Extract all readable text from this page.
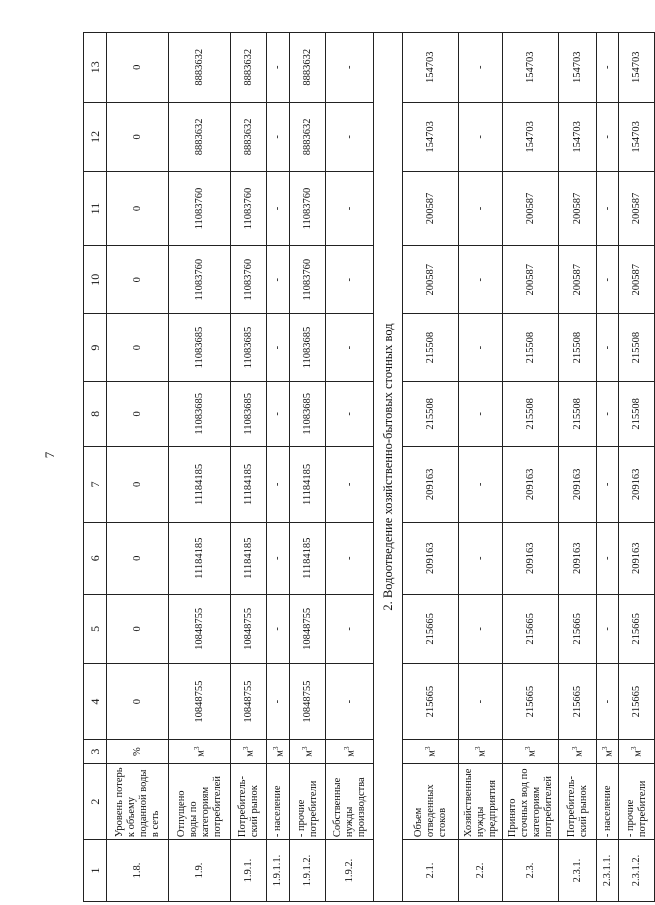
7
1	2	3	4	5	6	7	8	9	10	11	12	13
1.8.	Уровень потерь к объему поданной воды в сеть	%	0	0	0	0	0	0	0	0	0	0
1.9.	Отпущено воды по категориям потребителей	$м^3$	10848755	10848755	11184185	11184185	11083685	11083685	11083760	11083760	8883632	8883632
1.9.1.	Потребитель-ский рынок	$м^3$	10848755	10848755	11184185	11184185	11083685	11083685	11083760	11083760	8883632	8883632
1.9.1.1.	- население	$м^3$	-	-	-	-	-	-	-	-	-	-
1.9.1.2.	- прочие потребители	$м^3$	10848755	10848755	11184185	11184185	11083685	11083685	11083760	11083760	8883632	8883632
1.9.2.	Собственные нужды производства	$м^3$	-	-	-	-	-	-	-	-	-	-
2. Водоотведение хозяйственно-бытовых сточных вод												
2.1.	Объем отведенных стоков	$м^3$	215665	215665	209163	209163	215508	215508	200587	200587	154703	154703
2.2.	Хозяйственные нужды предприятия	$м^3$	-	-	-	-	-	-	-	-	-	-
2.3.	Принято сточных вод по категориям потребителей	$м^3$	215665	215665	209163	209163	215508	215508	200587	200587	154703	154703
2.3.1.	Потребитель-ский рынок	$м^3$	215665	215665	209163	209163	215508	215508	200587	200587	154703	154703
2.3.1.1.	- население	$м^3$	-	-	-	-	-	-	-	-	-	-
2.3.1.2.	- прочие потребители	$м^3$	215665	215665	209163	209163	215508	215508	200587	200587	154703	154703
